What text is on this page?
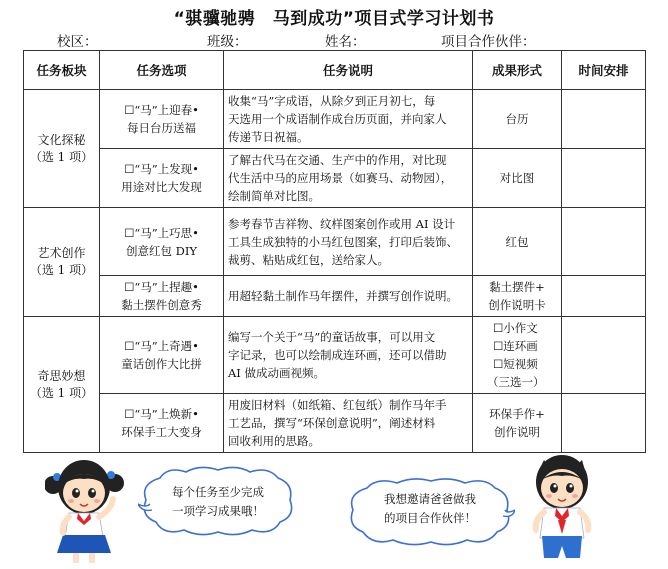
“骐骥驰骋　马到成功”项目式学习计划书
校区：	班级：	姓名：	项目合作伙伴：
任务板块	任务选项	任务说明	成果形式	时间安排

文化探秘
（选 1 项）	☐“马”上迎春•
每日台历送福	收集“马”字成语，从除夕到正月初七，每
天选用一个成语制作成台历页面，并向家人
传递节日祝福。	台历	

	☐“马”上发现•
用途对比大发现	了解古代马在交通、生产中的作用，对比现
代生活中马的应用场景（如赛马、动物园），
绘制简单对比图。	对比图	

艺术创作
（选 1 项）	☐“马”上巧思•
创意红包 DIY	参考春节吉祥物、纹样图案创作或用 AI 设计
工具生成独特的小马红包图案，打印后装饰、
裁剪、粘贴成红包，送给家人。	红包	

	☐“马”上捏趣•
黏土摆件创意秀	用超轻黏土制作马年摆件，并撰写创作说明。	黏土摆件+
创作说明卡	

奇思妙想
（选 1 项）	☐“马”上奇遇•
童话创作大比拼	编写一个关于“马”的童话故事，可以用文
字记录，也可以绘制成连环画，还可以借助
AI 做成动画视频。	☐小作文
☐连环画
☐短视频
（三选一）	

	☐“马”上焕新•
环保手工大变身	用废旧材料（如纸箱、红包纸）制作马年手
工艺品，撰写“环保创意说明”，阐述材料
回收利用的思路。	环保手作+
创作说明	

每个任务至少完成
一项学习成果哦！
我想邀请爸爸做我
的项目合作伙伴！
